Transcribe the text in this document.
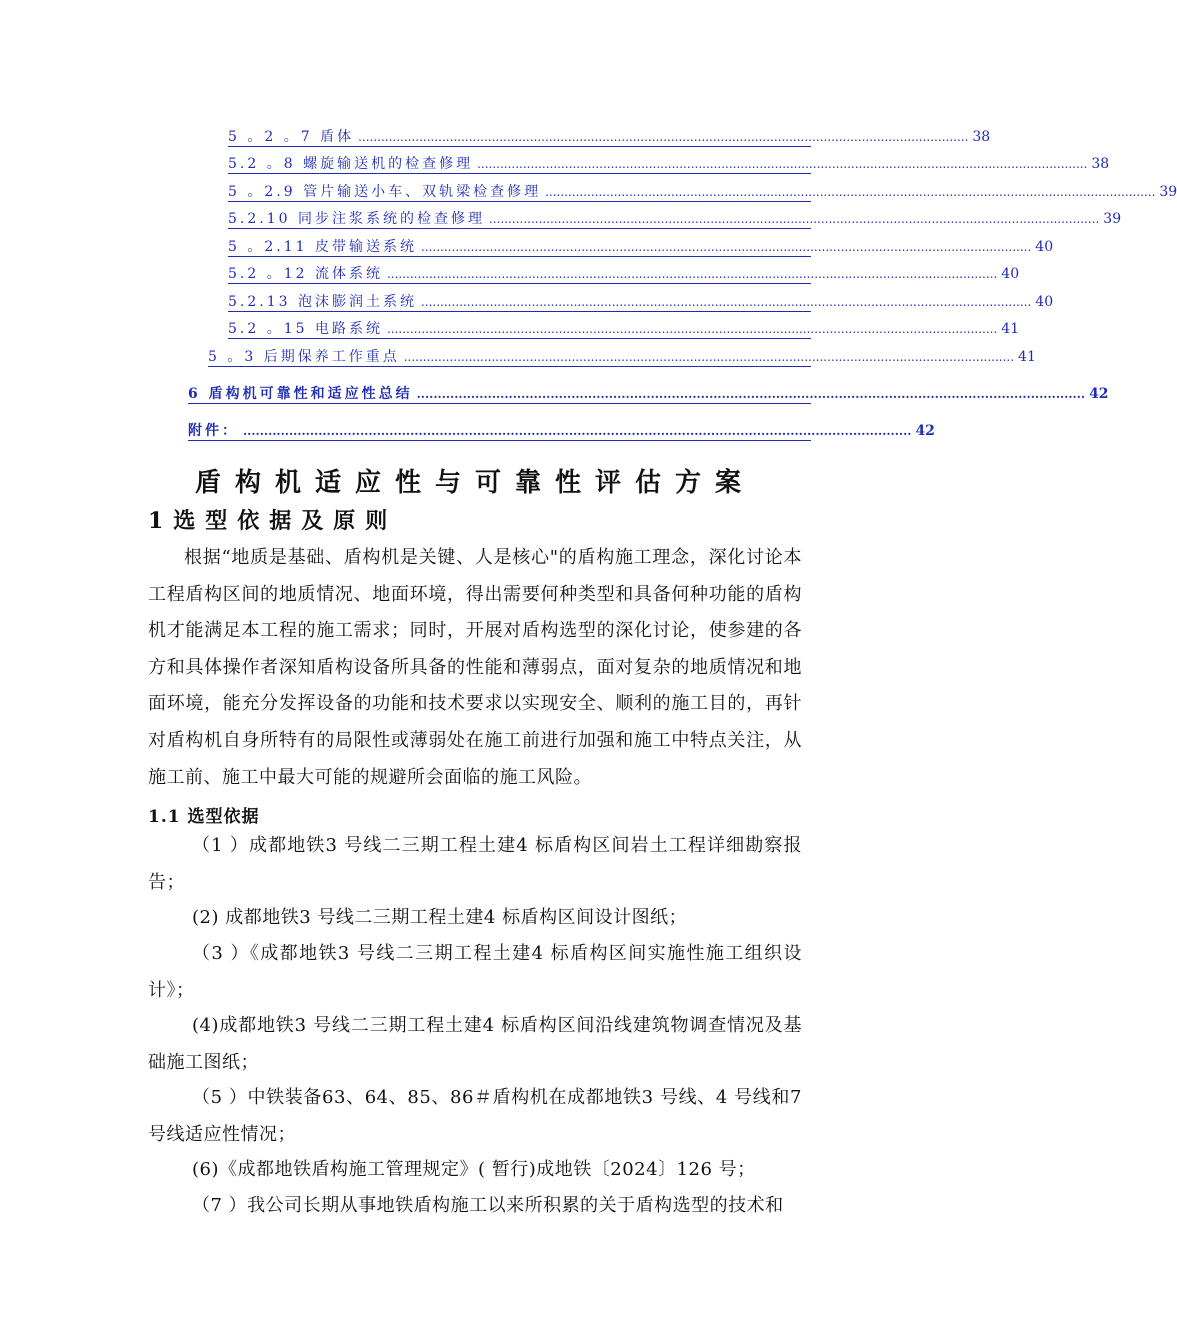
5 。2 。7 盾体 ................................................................................................................................................................ 38
5.2 。8 螺旋输送机的检查修理 ................................................................................................................................................................ 38
5 。2.9 管片输送小车、双轨梁检查修理 ................................................................................................................................................................ 39
5.2.10 同步注浆系统的检查修理 ................................................................................................................................................................ 39
5 。2.11 皮带输送系统 ................................................................................................................................................................ 40
5.2 。12 流体系统 ................................................................................................................................................................ 40
5.2.13 泡沫膨润土系统 ................................................................................................................................................................ 40
5.2 。15 电路系统 ................................................................................................................................................................ 41
5 。3 后期保养工作重点 ................................................................................................................................................................ 41
6 盾构机可靠性和适应性总结 ................................................................................................................................................................ 42
附件： ................................................................................................................................................................ 42
盾构机适应性与可靠性评估方案
1选型依据及原则
根据“地质是基础、盾构机是关键、人是核心"的盾构施工理念，深化讨论本工程盾构区间的地质情况、地面环境，得出需要何种类型和具备何种功能的盾构机才能满足本工程的施工需求；同时，开展对盾构选型的深化讨论，使参建的各方和具体操作者深知盾构设备所具备的性能和薄弱点，面对复杂的地质情况和地面环境，能充分发挥设备的功能和技术要求以实现安全、顺利的施工目的，再针对盾构机自身所特有的局限性或薄弱处在施工前进行加强和施工中特点关注，从施工前、施工中最大可能的规避所会面临的施工风险。
1.1 选型依据
（1 ）成都地铁3 号线二三期工程土建4 标盾构区间岩土工程详细勘察报告；
(2) 成都地铁3 号线二三期工程土建4 标盾构区间设计图纸；
（3 ）《成都地铁3 号线二三期工程土建4 标盾构区间实施性施工组织设计》；
(4)成都地铁3 号线二三期工程土建4 标盾构区间沿线建筑物调查情况及基础施工图纸；
（5 ）中铁装备63、64、85、86＃盾构机在成都地铁3 号线、4 号线和7号线适应性情况；
(6)《成都地铁盾构施工管理规定》( 暂行)成地铁〔2024〕126 号；
（7 ）我公司长期从事地铁盾构施工以来所积累的关于盾构选型的技术和
